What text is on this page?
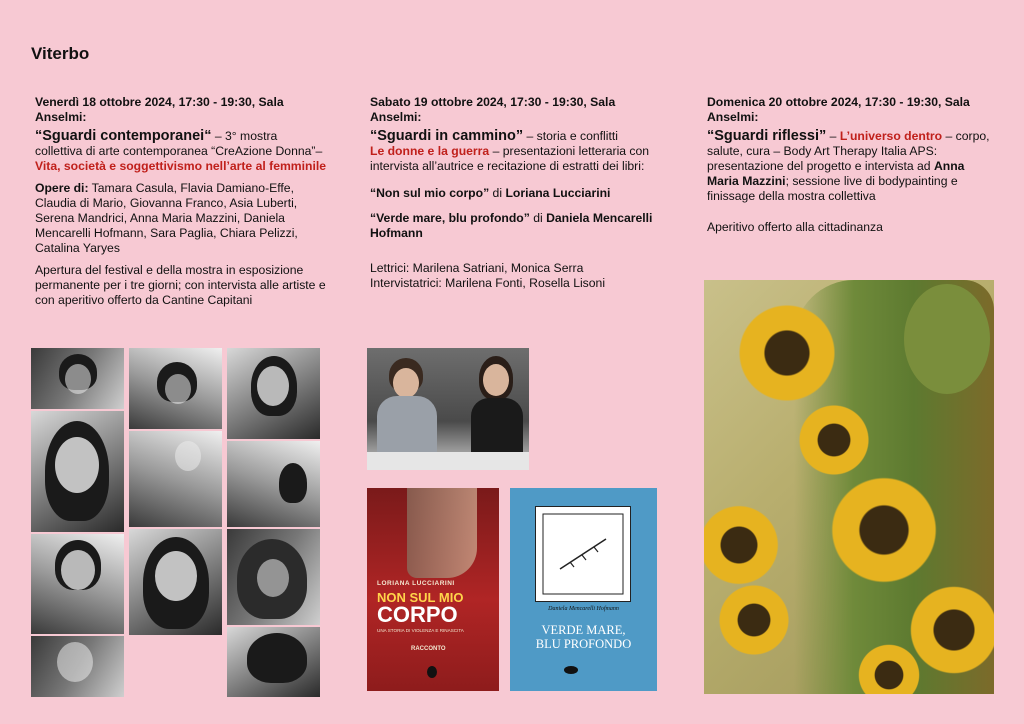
Viterbo

Venerdì 18 ottobre 2024, 17:30 - 19:30, Sala Anselmi:

“Sguardi contemporanei“ – 3° mostra collettiva di arte contemporanea “CreAzione Donna”– Vita, società e soggettivismo nell’arte al femminile

Opere di: Tamara Casula, Flavia Damiano-Effe, Claudia di Mario, Giovanna Franco, Asia Luberti, Serena Mandrici, Anna Maria Mazzini, Daniela Mencarelli Hofmann, Sara Paglia, Chiara Pelizzi, Catalina Yaryes

Apertura del festival e della mostra in esposizione permanente per i tre giorni; con intervista alle artiste e con aperitivo offerto da Cantine Capitani

Sabato 19 ottobre 2024, 17:30 - 19:30, Sala Anselmi:

“Sguardi in cammino” – storia e conflitti
Le donne e la guerra – presentazioni letteraria con intervista all’autrice e recitazione di estratti dei libri:

“Non sul mio corpo” di Loriana Lucciarini

“Verde mare, blu profondo” di Daniela Mencarelli Hofmann

Lettrici: Marilena Satriani, Monica Serra

Intervistatrici: Marilena Fonti, Rosella Lisoni

Domenica 20 ottobre 2024, 17:30 - 19:30, Sala Anselmi:

“Sguardi riflessi” – L’universo dentro – corpo, salute, cura – Body Art Therapy Italia APS: presentazione del progetto e intervista ad Anna Maria Mazzini; sessione live di bodypainting e finissage della mostra collettiva

Aperitivo offerto alla cittadinanza

LORIANA LUCCIARINI
NON SUL MIO
CORPO
UNA STORIA DI VIOLENZA E RINASCITA
RACCONTO
Daniela Mencarelli Hofmann
VERDE MARE, BLU PROFONDO
